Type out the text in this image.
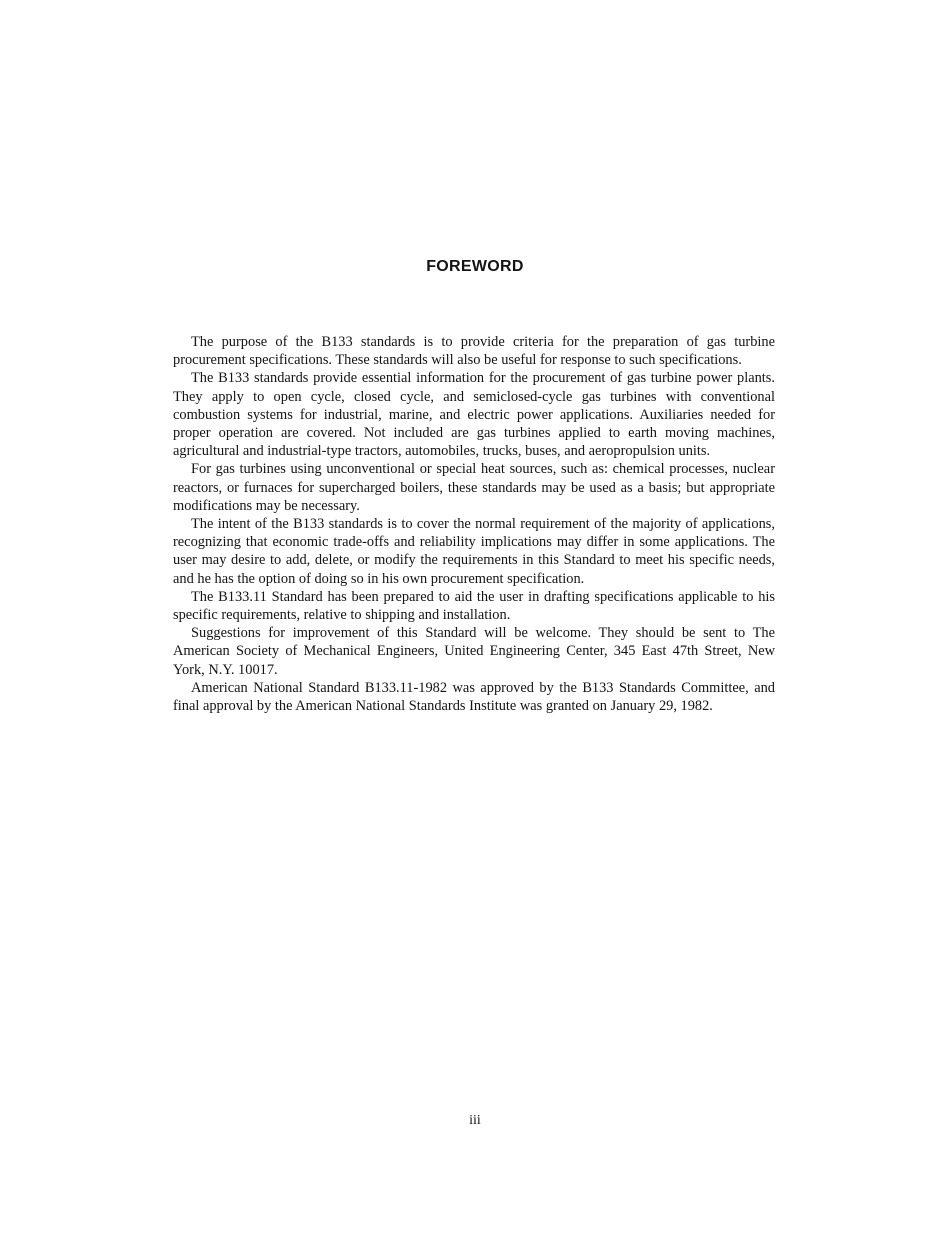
FOREWORD

The purpose of the B133 standards is to provide criteria for the preparation of gas turbine procurement specifications. These standards will also be useful for response to such specifications.

The B133 standards provide essential information for the procurement of gas turbine power plants. They apply to open cycle, closed cycle, and semiclosed-cycle gas turbines with conventional combustion systems for industrial, marine, and electric power applications. Auxiliaries needed for proper operation are covered. Not included are gas turbines applied to earth moving machines, agricultural and industrial-type tractors, automobiles, trucks, buses, and aeropropulsion units.

For gas turbines using unconventional or special heat sources, such as: chemical processes, nuclear reactors, or furnaces for supercharged boilers, these standards may be used as a basis; but appropriate modifications may be necessary.

The intent of the B133 standards is to cover the normal requirement of the majority of applications, recognizing that economic trade-offs and reliability implications may differ in some applications. The user may desire to add, delete, or modify the requirements in this Standard to meet his specific needs, and he has the option of doing so in his own procurement specification.

The B133.11 Standard has been prepared to aid the user in drafting specifications applicable to his specific requirements, relative to shipping and installation.

Suggestions for improvement of this Standard will be welcome. They should be sent to The American Society of Mechanical Engineers, United Engineering Center, 345 East 47th Street, New York, N.Y. 10017.

American National Standard B133.11-1982 was approved by the B133 Standards Committee, and final approval by the American National Standards Institute was granted on January 29, 1982.

iii
